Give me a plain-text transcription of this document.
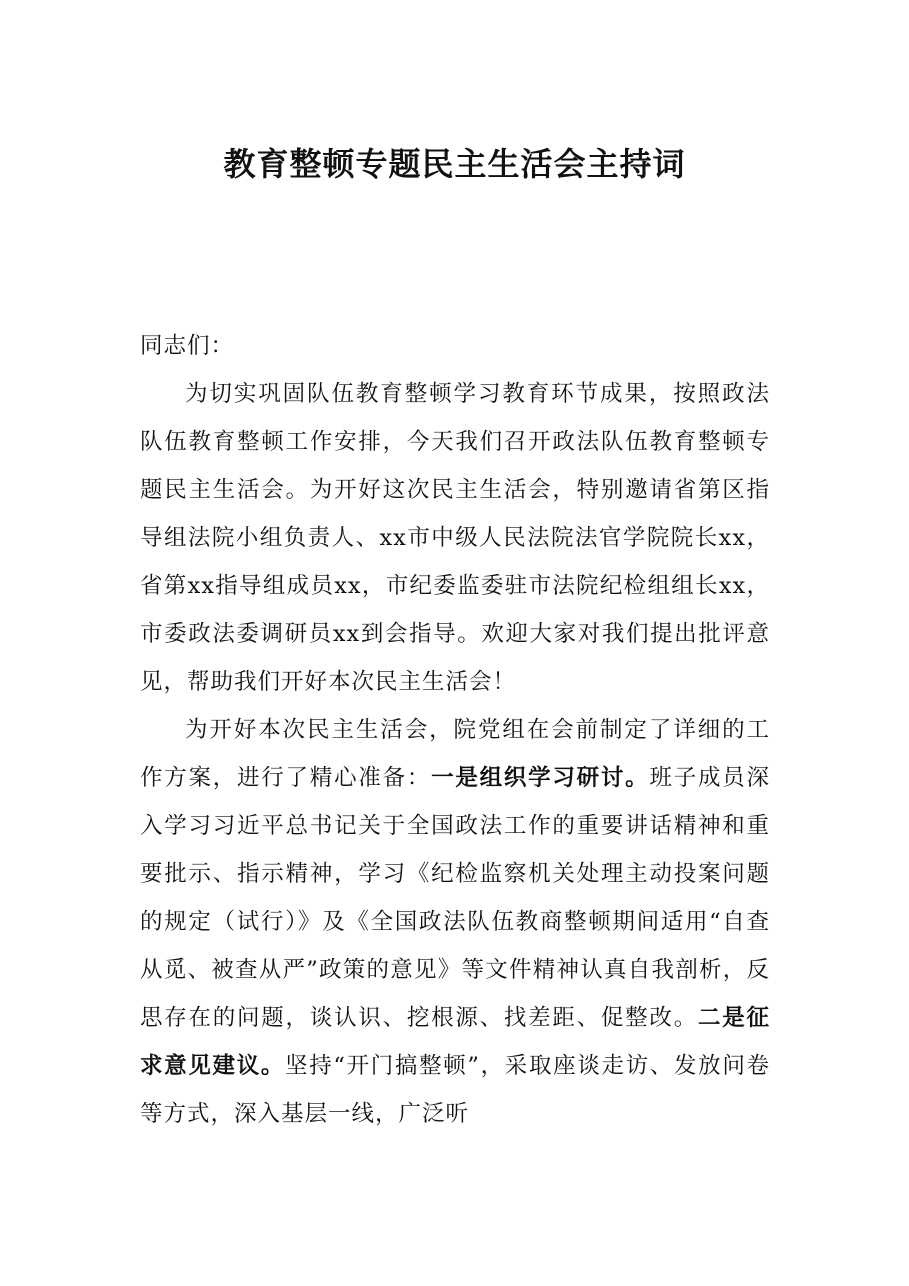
教育整顿专题民主生活会主持词

同志们：

为切实巩固队伍教育整顿学习教育环节成果，按照政法队伍教育整顿工作安排，今天我们召开政法队伍教育整顿专题民主生活会。为开好这次民主生活会，特别邀请省第区指导组法院小组负责人、xx市中级人民法院法官学院院长xx，省第xx指导组成员xx，市纪委监委驻市法院纪检组组长xx，市委政法委调研员xx到会指导。欢迎大家对我们提出批评意见，帮助我们开好本次民主生活会！

为开好本次民主生活会，院党组在会前制定了详细的工作方案，进行了精心准备：一是组织学习研讨。班子成员深入学习习近平总书记关于全国政法工作的重要讲话精神和重要批示、指示精神，学习《纪检监察机关处理主动投案问题的规定（试行）》及《全国政法队伍教商整顿期间适用“自查从觅、被查从严”政策的意见》等文件精神认真自我剖析，反思存在的问题，谈认识、挖根源、找差距、促整改。二是征求意见建议。坚持“开门搞整顿”，采取座谈走访、发放问卷等方式，深入基层一线，广泛听
